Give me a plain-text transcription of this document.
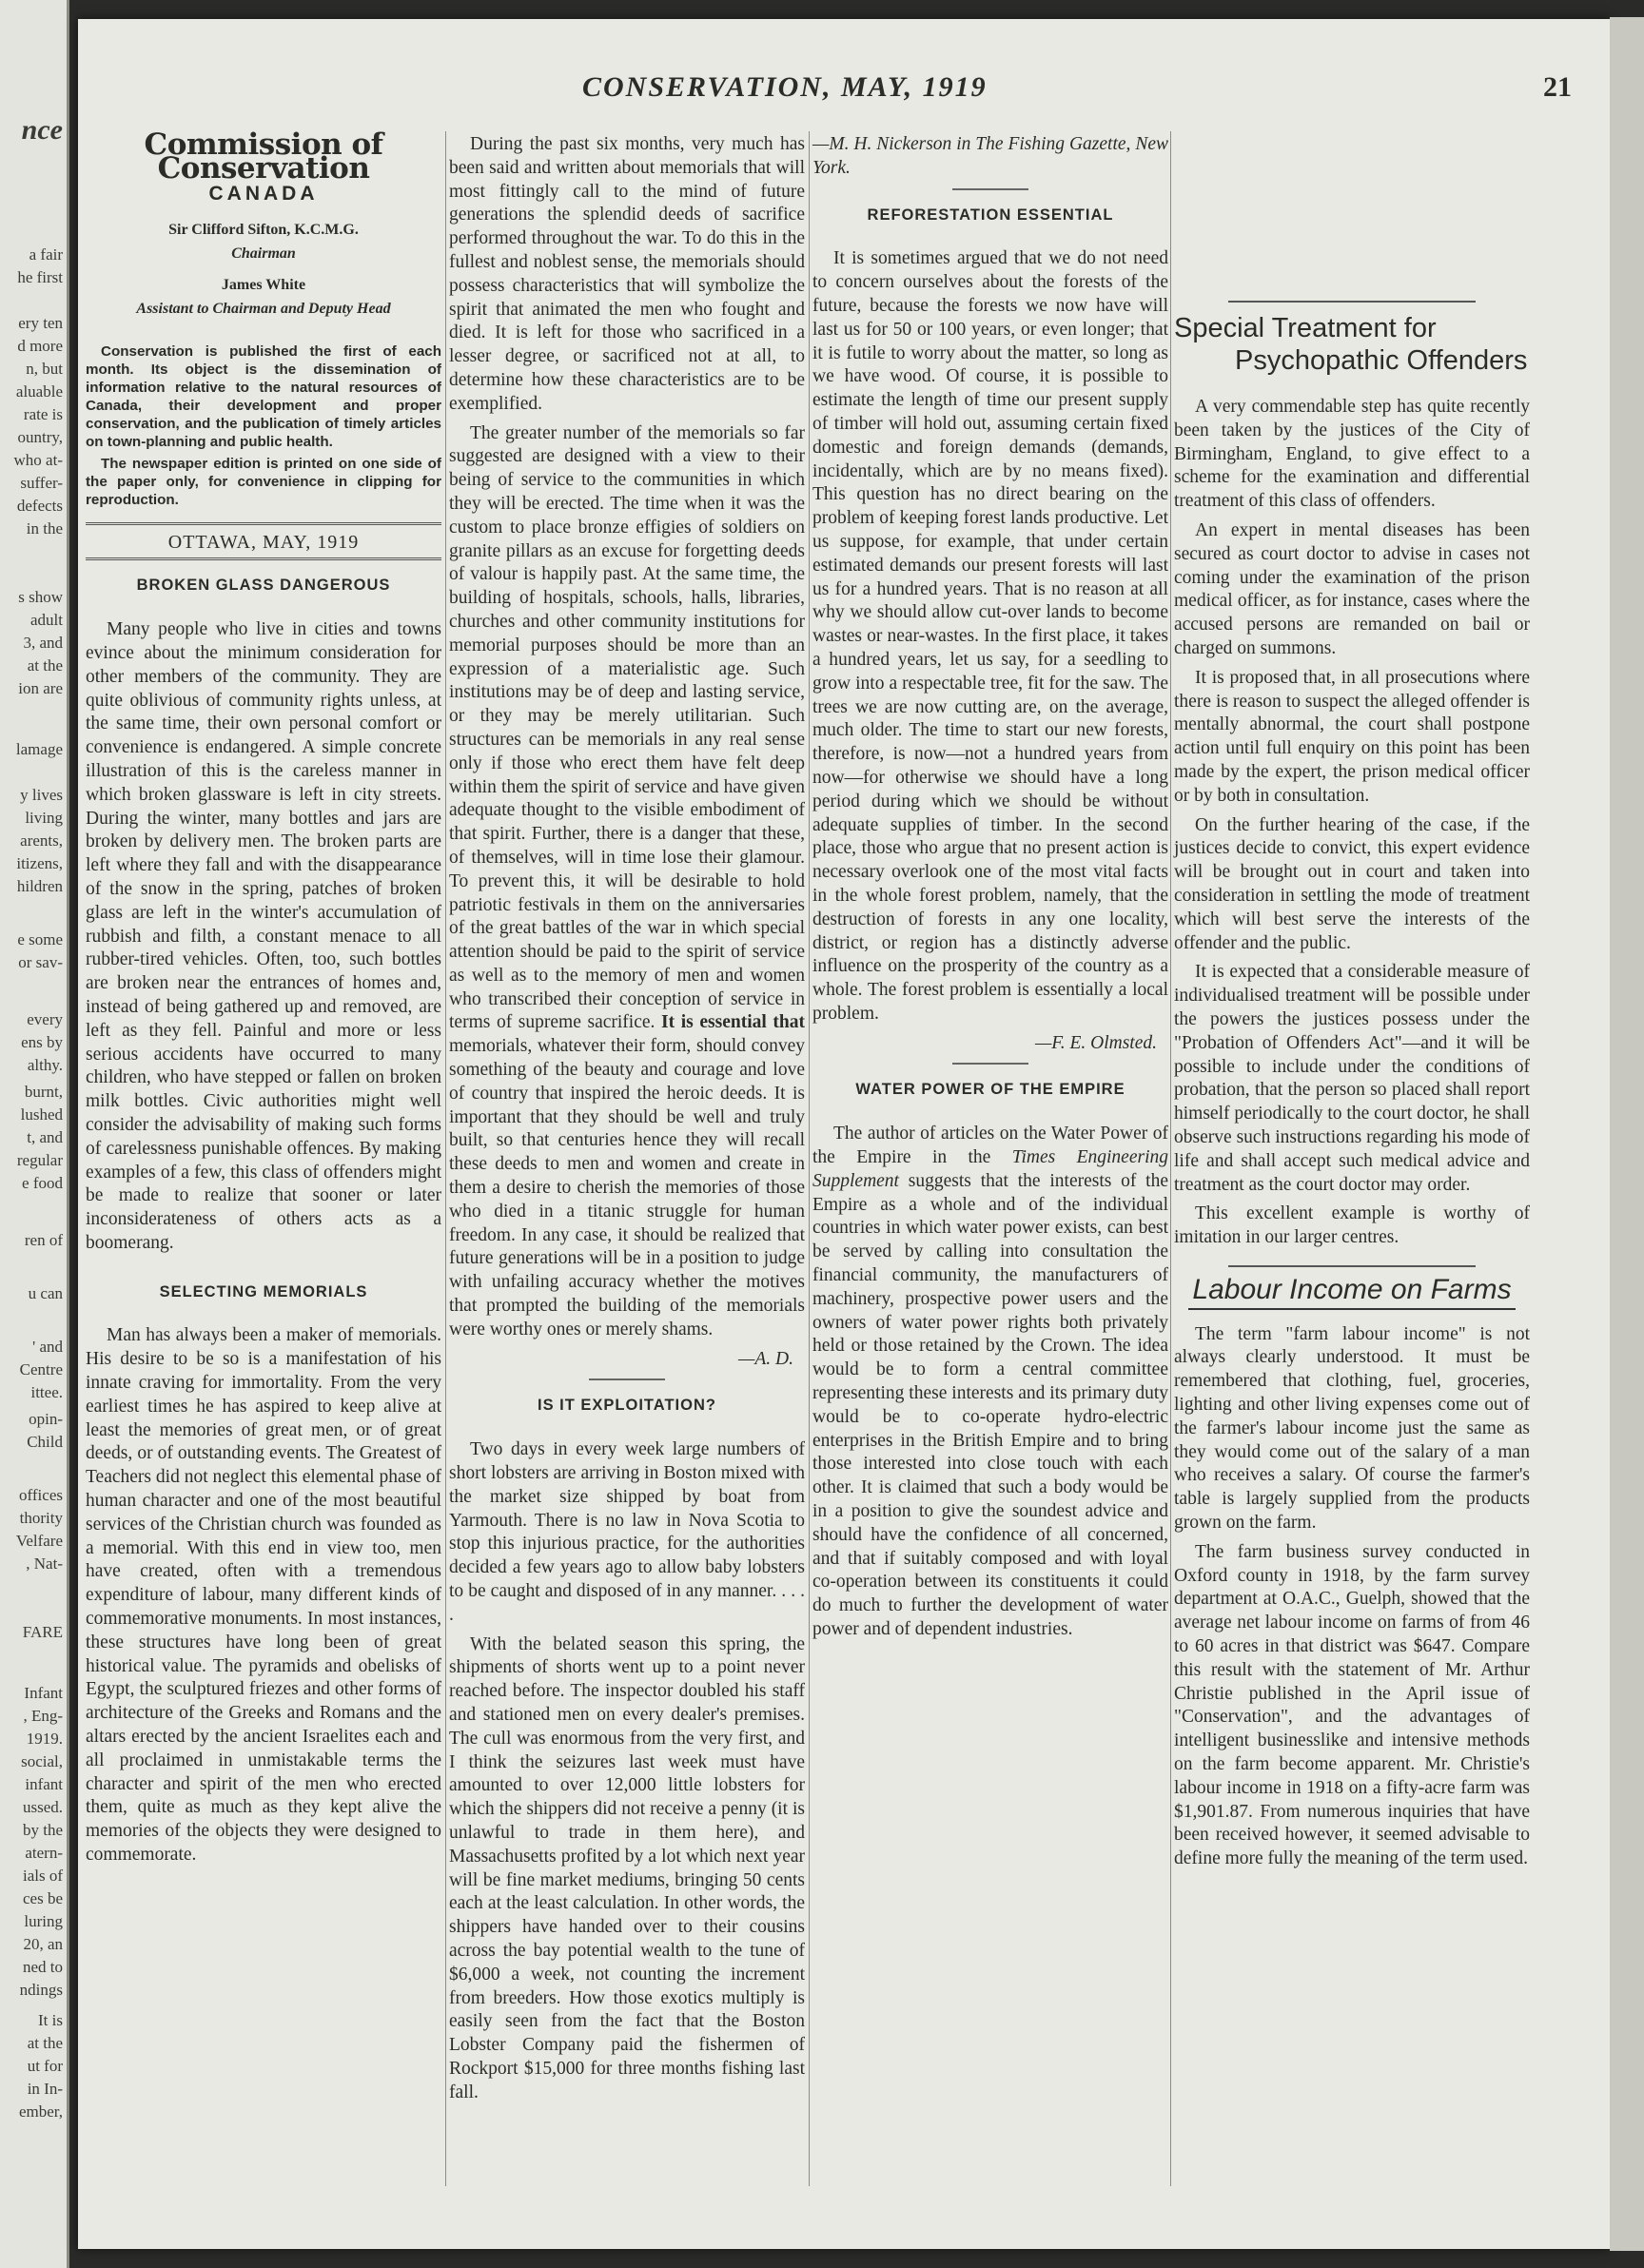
nce
a fair
he first
ery ten
d more
n, but
aluable
rate is
ountry,
who at-
suffer-
defects
in the
s show
adult
3, and
at the
ion are
lamage
y lives
living
arents,
itizens,
hildren
e some
or sav-
every
ens by
althy.
burnt,
lushed
t, and
regular
e food
ren of
u can
' and
Centre
ittee.
opin-
Child
offices
thority
Velfare
, Nat-
FARE
Infant
, Eng-
1919.
social,
infant
ussed.
by the
atern-
ials of
ces be
luring
20, an
ned to
ndings
It is
at the
ut for
in In-
ember,
CONSERVATION, MAY, 1919	21
Commission of Conservation
CANADA
Sir Clifford Sifton, K.C.M.G.
Chairman
James White
Assistant to Chairman and Deputy Head

Conservation is published the first of each month. Its object is the dissemination of information relative to the natural resources of Canada, their development and proper conservation, and the publication of timely articles on town-planning and public health.

The newspaper edition is printed on one side of the paper only, for convenience in clipping for reproduction.

OTTAWA, MAY, 1919
BROKEN GLASS DANGEROUS

Many people who live in cities and towns evince about the minimum consideration for other members of the community. They are quite oblivious of community rights unless, at the same time, their own personal comfort or convenience is endangered. A simple concrete illustration of this is the careless manner in which broken glassware is left in city streets. During the winter, many bottles and jars are broken by delivery men. The broken parts are left where they fall and with the disappearance of the snow in the spring, patches of broken glass are left in the winter's accumulation of rubbish and filth, a constant menace to all rubber-tired vehicles. Often, too, such bottles are broken near the entrances of homes and, instead of being gathered up and removed, are left as they fell. Painful and more or less serious accidents have occurred to many children, who have stepped or fallen on broken milk bottles. Civic authorities might well consider the advisability of making such forms of carelessness punishable offences. By making examples of a few, this class of offenders might be made to realize that sooner or later inconsiderateness of others acts as a boomerang.

SELECTING MEMORIALS

Man has always been a maker of memorials. His desire to be so is a manifestation of his innate craving for immortality. From the very earliest times he has aspired to keep alive at least the memories of great men, or of great deeds, or of outstanding events. The Greatest of Teachers did not neglect this elemental phase of human character and one of the most beautiful services of the Christian church was founded as a memorial. With this end in view too, men have created, often with a tremendous expenditure of labour, many different kinds of commemorative monuments. In most instances, these structures have long been of great historical value. The pyramids and obelisks of Egypt, the sculptured friezes and other forms of architecture of the Greeks and Romans and the altars erected by the ancient Israelites each and all proclaimed in unmistakable terms the character and spirit of the men who erected them, quite as much as they kept alive the memories of the objects they were designed to commemorate.

During the past six months, very much has been said and written about memorials that will most fittingly call to the mind of future generations the splendid deeds of sacrifice performed throughout the war. To do this in the fullest and noblest sense, the memorials should possess characteristics that will symbolize the spirit that animated the men who fought and died. It is left for those who sacrificed in a lesser degree, or sacrificed not at all, to determine how these characteristics are to be exemplified.

The greater number of the memorials so far suggested are designed with a view to their being of service to the communities in which they will be erected. The time when it was the custom to place bronze effigies of soldiers on granite pillars as an excuse for forgetting deeds of valour is happily past. At the same time, the building of hospitals, schools, halls, libraries, churches and other community institutions for memorial purposes should be more than an expression of a materialistic age. Such institutions may be of deep and lasting service, or they may be merely utilitarian. Such structures can be memorials in any real sense only if those who erect them have felt deep within them the spirit of service and have given adequate thought to the visible embodiment of that spirit. Further, there is a danger that these, of themselves, will in time lose their glamour. To prevent this, it will be desirable to hold patriotic festivals in them on the anniversaries of the great battles of the war in which special attention should be paid to the spirit of service as well as to the memory of men and women who transcribed their conception of service in terms of supreme sacrifice. It is essential that memorials, whatever their form, should convey something of the beauty and courage and love of country that inspired the heroic deeds. It is important that they should be well and truly built, so that centuries hence they will recall these deeds to men and women and create in them a desire to cherish the memories of those who died in a titanic struggle for human freedom. In any case, it should be realized that future generations will be in a position to judge with unfailing accuracy whether the motives that prompted the building of the memorials were worthy ones or merely shams.

—A. D.
IS IT EXPLOITATION?

Two days in every week large numbers of short lobsters are arriving in Boston mixed with the market size shipped by boat from Yarmouth. There is no law in Nova Scotia to stop this injurious practice, for the authorities decided a few years ago to allow baby lobsters to be caught and disposed of in any manner. . . . .

With the belated season this spring, the shipments of shorts went up to a point never reached before. The inspector doubled his staff and stationed men on every dealer's premises. The cull was enormous from the very first, and I think the seizures last week must have amounted to over 12,000 little lobsters for which the shippers did not receive a penny (it is unlawful to trade in them here), and Massachusetts profited by a lot which next year will be fine market mediums, bringing 50 cents each at the least calculation. In other words, the shippers have handed over to their cousins across the bay potential wealth to the tune of $6,000 a week, not counting the increment from breeders. How those exotics multiply is easily seen from the fact that the Boston Lobster Company paid the fishermen of Rockport $15,000 for three months fishing last fall.

—M. H. Nickerson in The Fishing Gazette, New York.

REFORESTATION ESSENTIAL

It is sometimes argued that we do not need to concern ourselves about the forests of the future, because the forests we now have will last us for 50 or 100 years, or even longer; that it is futile to worry about the matter, so long as we have wood. Of course, it is possible to estimate the length of time our present supply of timber will hold out, assuming certain fixed domestic and foreign demands (demands, incidentally, which are by no means fixed). This question has no direct bearing on the problem of keeping forest lands productive. Let us suppose, for example, that under certain estimated demands our present forests will last us for a hundred years. That is no reason at all why we should allow cut-over lands to become wastes or near-wastes. In the first place, it takes a hundred years, let us say, for a seedling to grow into a respectable tree, fit for the saw. The trees we are now cutting are, on the average, much older. The time to start our new forests, therefore, is now—not a hundred years from now—for otherwise we should have a long period during which we should be without adequate supplies of timber. In the second place, those who argue that no present action is necessary overlook one of the most vital facts in the whole forest problem, namely, that the destruction of forests in any one locality, district, or region has a distinctly adverse influence on the prosperity of the country as a whole. The forest problem is essentially a local problem.

—F. E. Olmsted.
WATER POWER OF THE EMPIRE

The author of articles on the Water Power of the Empire in the Times Engineering Supplement suggests that the interests of the Empire as a whole and of the individual countries in which water power exists, can best be served by calling into consultation the financial community, the manufacturers of machinery, prospective power users and the owners of water power rights both privately held or those retained by the Crown. The idea would be to form a central committee representing these interests and its primary duty would be to co-operate hydro-electric enterprises in the British Empire and to bring those interested into close touch with each other. It is claimed that such a body would be in a position to give the soundest advice and should have the confidence of all concerned, and that if suitably composed and with loyal co-operation between its constituents it could do much to further the development of water power and of dependent industries.

Special Treatment for
Psychopathic Offenders

A very commendable step has quite recently been taken by the justices of the City of Birmingham, England, to give effect to a scheme for the examination and differential treatment of this class of offenders.

An expert in mental diseases has been secured as court doctor to advise in cases not coming under the examination of the prison medical officer, as for instance, cases where the accused persons are remanded on bail or charged on summons.

It is proposed that, in all prosecutions where there is reason to suspect the alleged offender is mentally abnormal, the court shall postpone action until full enquiry on this point has been made by the expert, the prison medical officer or by both in consultation.

On the further hearing of the case, if the justices decide to convict, this expert evidence will be brought out in court and taken into consideration in settling the mode of treatment which will best serve the interests of the offender and the public.

It is expected that a considerable measure of individualised treatment will be possible under the powers the justices possess under the "Probation of Offenders Act"—and it will be possible to include under the conditions of probation, that the person so placed shall report himself periodically to the court doctor, he shall observe such instructions regarding his mode of life and shall accept such medical advice and treatment as the court doctor may order.

This excellent example is worthy of imitation in our larger centres.

Labour Income on Farms

The term "farm labour income" is not always clearly understood. It must be remembered that clothing, fuel, groceries, lighting and other living expenses come out of the farmer's labour income just the same as they would come out of the salary of a man who receives a salary. Of course the farmer's table is largely supplied from the products grown on the farm.

The farm business survey conducted in Oxford county in 1918, by the farm survey department at O.A.C., Guelph, showed that the average net labour income on farms of from 46 to 60 acres in that district was $647. Compare this result with the statement of Mr. Arthur Christie published in the April issue of "Conservation", and the advantages of intelligent businesslike and intensive methods on the farm become apparent. Mr. Christie's labour income in 1918 on a fifty-acre farm was $1,901.87. From numerous inquiries that have been received however, it seemed advisable to define more fully the meaning of the term used.
